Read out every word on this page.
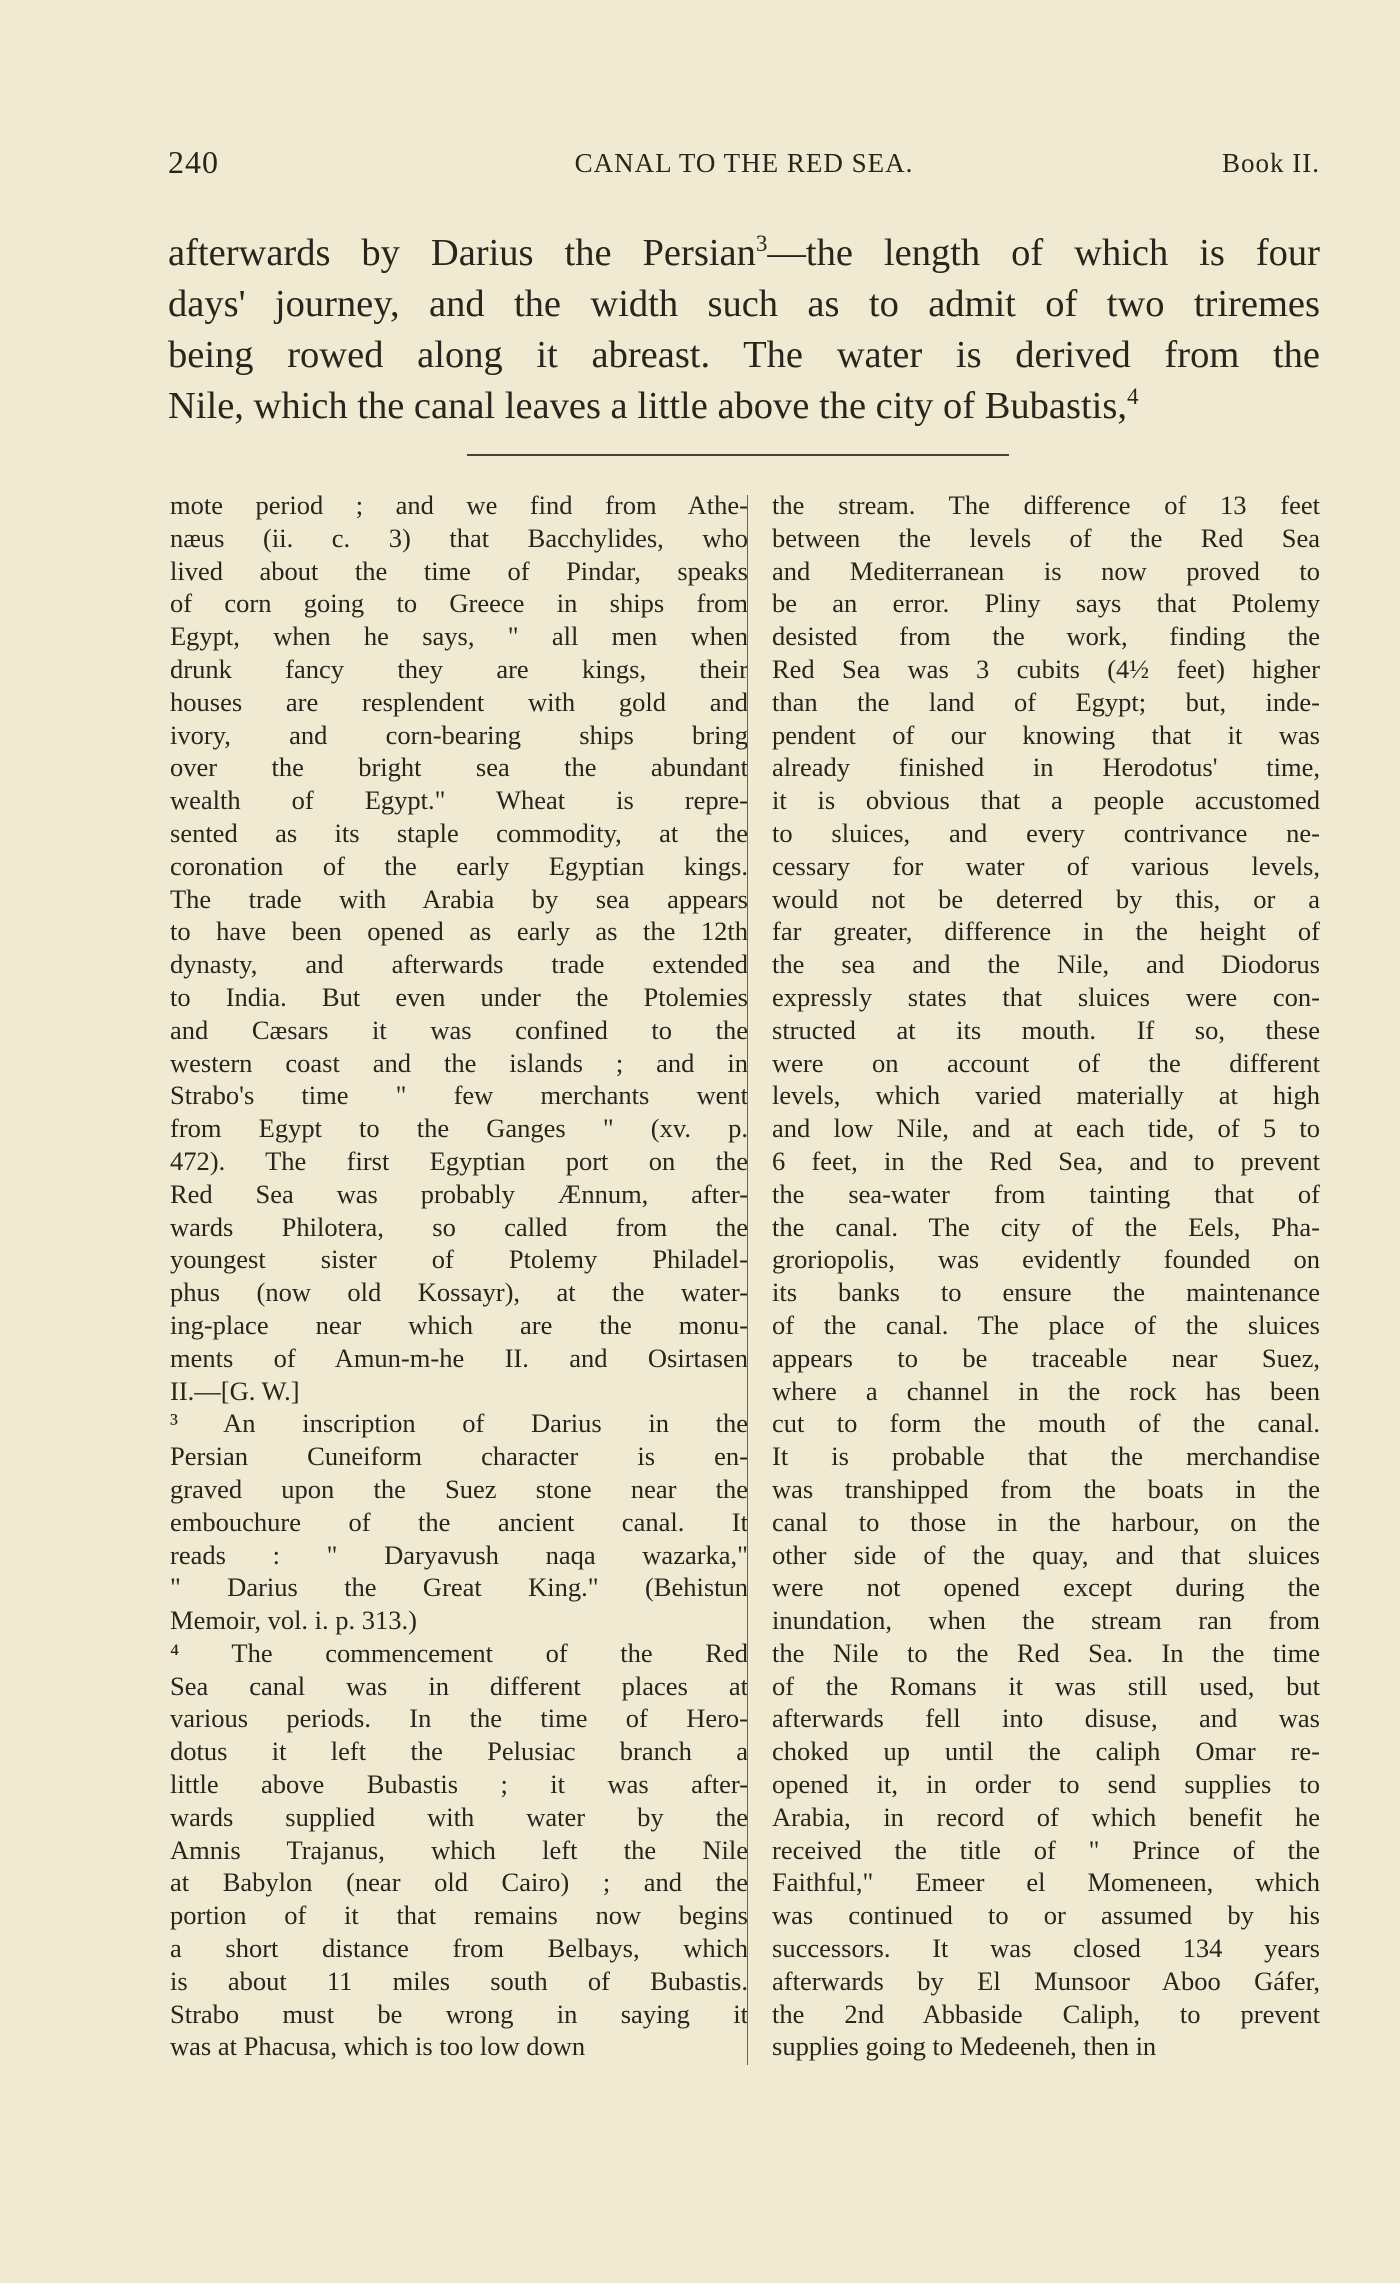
240	CANAL TO THE RED SEA.	Book II.
afterwards by Darius the Persian$^3$—the length of which is four
days' journey, and the width such as to admit of two triremes
being rowed along it abreast. The water is derived from the
Nile, which the canal leaves a little above the city of Bubastis,$^4$
mote period ; and we find from Athe-
næus (ii. c. 3) that Bacchylides, who
lived about the time of Pindar, speaks
of corn going to Greece in ships from
Egypt, when he says, " all men when
drunk fancy they are kings, their
houses are resplendent with gold and
ivory, and corn-bearing ships bring
over the bright sea the abundant
wealth of Egypt." Wheat is repre-
sented as its staple commodity, at the
coronation of the early Egyptian kings.
The trade with Arabia by sea appears
to have been opened as early as the 12th
dynasty, and afterwards trade extended
to India. But even under the Ptolemies
and Cæsars it was confined to the
western coast and the islands ; and in
Strabo's time " few merchants went
from Egypt to the Ganges " (xv. p.
472). The first Egyptian port on the
Red Sea was probably Ænnum, after-
wards Philotera, so called from the
youngest sister of Ptolemy Philadel-
phus (now old Kossayr), at the water-
ing-place near which are the monu-
ments of Amun-m-he II. and Osirtasen
II.—[G. W.]
³ An inscription of Darius in the
Persian Cuneiform character is en-
graved upon the Suez stone near the
embouchure of the ancient canal. It
reads : " Daryavush naqa wazarka,"
" Darius the Great King." (Behistun
Memoir, vol. i. p. 313.)
⁴ The commencement of the Red
Sea canal was in different places at
various periods. In the time of Hero-
dotus it left the Pelusiac branch a
little above Bubastis ; it was after-
wards supplied with water by the
Amnis Trajanus, which left the Nile
at Babylon (near old Cairo) ; and the
portion of it that remains now begins
a short distance from Belbays, which
is about 11 miles south of Bubastis.
Strabo must be wrong in saying it
was at Phacusa, which is too low down
the stream. The difference of 13 feet
between the levels of the Red Sea
and Mediterranean is now proved to
be an error. Pliny says that Ptolemy
desisted from the work, finding the
Red Sea was 3 cubits (4½ feet) higher
than the land of Egypt; but, inde-
pendent of our knowing that it was
already finished in Herodotus' time,
it is obvious that a people accustomed
to sluices, and every contrivance ne-
cessary for water of various levels,
would not be deterred by this, or a
far greater, difference in the height of
the sea and the Nile, and Diodorus
expressly states that sluices were con-
structed at its mouth. If so, these
were on account of the different
levels, which varied materially at high
and low Nile, and at each tide, of 5 to
6 feet, in the Red Sea, and to prevent
the sea-water from tainting that of
the canal. The city of the Eels, Pha-
groriopolis, was evidently founded on
its banks to ensure the maintenance
of the canal. The place of the sluices
appears to be traceable near Suez,
where a channel in the rock has been
cut to form the mouth of the canal.
It is probable that the merchandise
was transhipped from the boats in the
canal to those in the harbour, on the
other side of the quay, and that sluices
were not opened except during the
inundation, when the stream ran from
the Nile to the Red Sea. In the time
of the Romans it was still used, but
afterwards fell into disuse, and was
choked up until the caliph Omar re-
opened it, in order to send supplies to
Arabia, in record of which benefit he
received the title of " Prince of the
Faithful," Emeer el Momeneen, which
was continued to or assumed by his
successors. It was closed 134 years
afterwards by El Munsoor Aboo Gáfer,
the 2nd Abbaside Caliph, to prevent
supplies going to Medeeneh, then in
